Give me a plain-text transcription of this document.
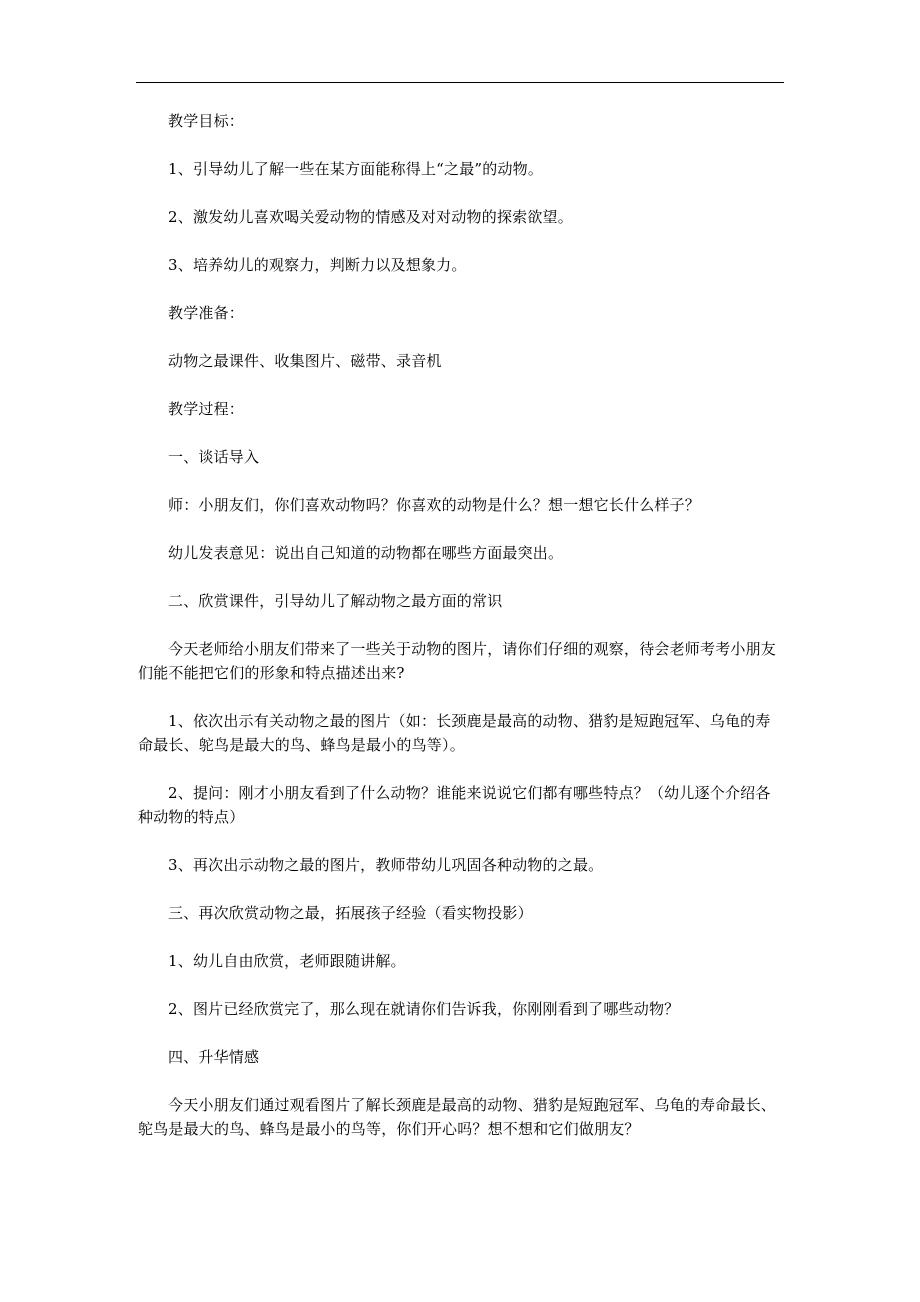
教学目标：

1、引导幼儿了解一些在某方面能称得上“之最”的动物。

2、激发幼儿喜欢喝关爱动物的情感及对对动物的探索欲望。

3、培养幼儿的观察力，判断力以及想象力。

教学准备：

动物之最课件、收集图片、磁带、录音机

教学过程：

一、谈话导入

师：小朋友们，你们喜欢动物吗？你喜欢的动物是什么？想一想它长什么样子？

幼儿发表意见：说出自己知道的动物都在哪些方面最突出。

二、欣赏课件，引导幼儿了解动物之最方面的常识

今天老师给小朋友们带来了一些关于动物的图片，请你们仔细的观察，待会老师考考小朋友们能不能把它们的形象和特点描述出来?

1、依次出示有关动物之最的图片（如：长颈鹿是最高的动物、猎豹是短跑冠军、乌龟的寿命最长、鸵鸟是最大的鸟、蜂鸟是最小的鸟等）。

2、提问：刚才小朋友看到了什么动物？谁能来说说它们都有哪些特点？（幼儿逐个介绍各种动物的特点）

3、再次出示动物之最的图片，教师带幼儿巩固各种动物的之最。

三、再次欣赏动物之最，拓展孩子经验（看实物投影）

1、幼儿自由欣赏，老师跟随讲解。

2、图片已经欣赏完了，那么现在就请你们告诉我，你刚刚看到了哪些动物？

四、升华情感

今天小朋友们通过观看图片了解长颈鹿是最高的动物、猎豹是短跑冠军、乌龟的寿命最长、鸵鸟是最大的鸟、蜂鸟是最小的鸟等，你们开心吗？想不想和它们做朋友？
